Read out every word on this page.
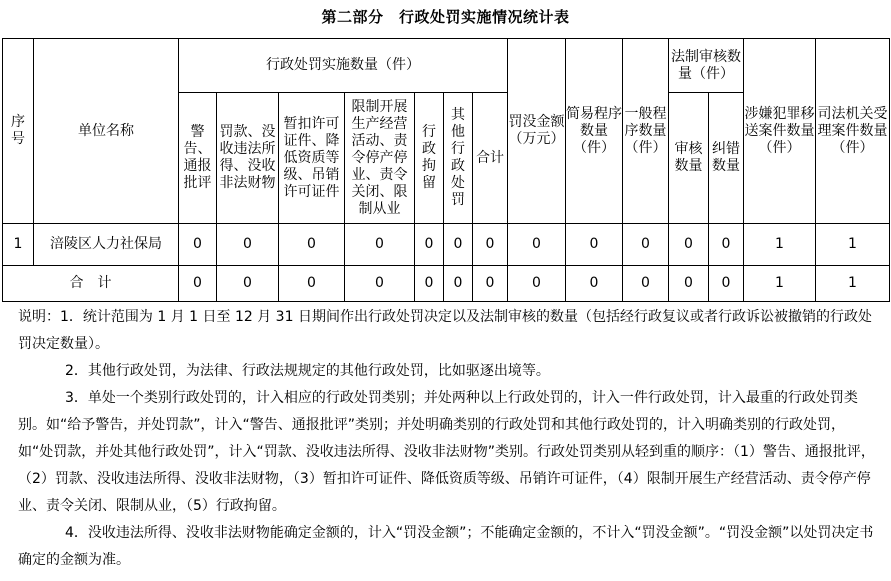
第二部分　行政处罚实施情况统计表
序号	单位名称	行政处罚实施数量（件）							罚没金额（万元）	简易程序数量（件）	一般程序数量（件）	法制审核数量（件）		涉嫌犯罪移送案件数量（件）	司法机关受理案件数量（件）
		警告、通报批评	罚款、没收违法所得、没收非法财物	暂扣许可证件、降低资质等级、吊销许可证件	限制开展生产经营活动、责令停产停业、责令关闭、限制从业	行政拘留	其他行政处罚	合计				审核数量	纠错数量		

1	涪陵区人力社保局	0	0	0	0	0	0	0	0	0	0	0	0	1	1
合　计		0	0	0	0	0	0	0	0	0	0	0	0	1	1

说明：1．统计范围为 1 月 1 日至 12 月 31 日期间作出行政处罚决定以及法制审核的数量（包括经行政复议或者行政诉讼被撤销的行政处罚决定数量）。

2．其他行政处罚，为法律、行政法规规定的其他行政处罚，比如驱逐出境等。

3．单处一个类别行政处罚的，计入相应的行政处罚类别；并处两种以上行政处罚的，计入一件行政处罚，计入最重的行政处罚类别。如“给予警告，并处罚款”，计入“警告、通报批评”类别；并处明确类别的行政处罚和其他行政处罚的，计入明确类别的行政处罚，如“处罚款，并处其他行政处罚”，计入“罚款、没收违法所得、没收非法财物”类别。行政处罚类别从轻到重的顺序：（1）警告、通报批评，（2）罚款、没收违法所得、没收非法财物，（3）暂扣许可证件、降低资质等级、吊销许可证件，（4）限制开展生产经营活动、责令停产停业、责令关闭、限制从业，（5）行政拘留。

4．没收违法所得、没收非法财物能确定金额的，计入“罚没金额”；不能确定金额的，不计入“罚没金额”。“罚没金额”以处罚决定书确定的金额为准。
